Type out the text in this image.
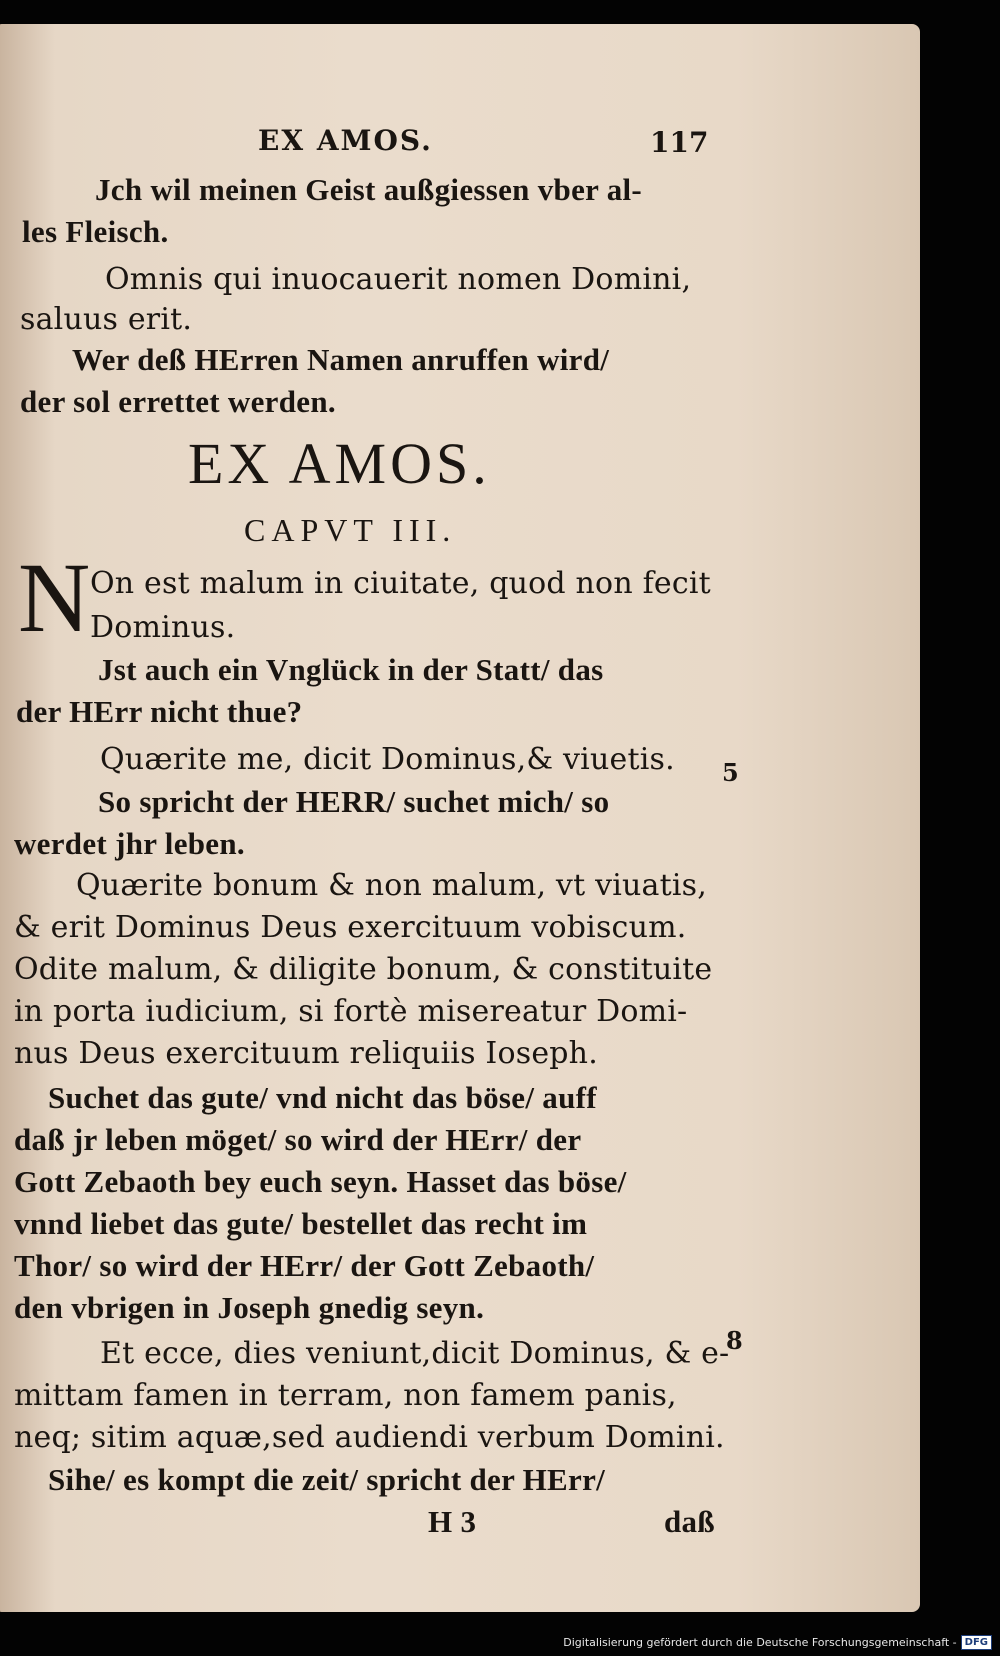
EX AMOS.	117
Jch wil meinen Geist außgiessen vber al-
les Fleisch.
Omnis qui inuocauerit nomen Domini,
saluus erit.
Wer deß HErren Namen anruffen wird/
der sol errettet werden.
EX AMOS.
CAPVT III.
N On est malum in ciuitate, quod non fecit
Dominus.
Jst auch ein Vnglück in der Statt/ das
der HErr nicht thue?
Quærite me, dicit Dominus,& viuetis.
So spricht der HERR/ suchet mich/ so
werdet jhr leben.
Quærite bonum & non malum, vt viuatis,
& erit Dominus Deus exercituum vobiscum.
Odite malum, & diligite bonum, & constituite
in porta iudicium, si fortè misereatur Domi-
nus Deus exercituum reliquiis Ioseph.
Suchet das gute/ vnd nicht das böse/ auff
daß jr leben möget/ so wird der HErr/ der
Gott Zebaoth bey euch seyn. Hasset das böse/
vnnd liebet das gute/ bestellet das recht im
Thor/ so wird der HErr/ der Gott Zebaoth/
den vbrigen in Joseph gnedig seyn.
Et ecce, dies veniunt,dicit Dominus, & e-
mittam famen in terram, non famem panis,
neq; sitim aquæ,sed audiendi verbum Domini.
Sihe/ es kompt die zeit/ spricht der HErr/
5
8
H 3	daß
Digitalisierung gefördert durch die Deutsche Forschungsgemeinschaft - DFG
